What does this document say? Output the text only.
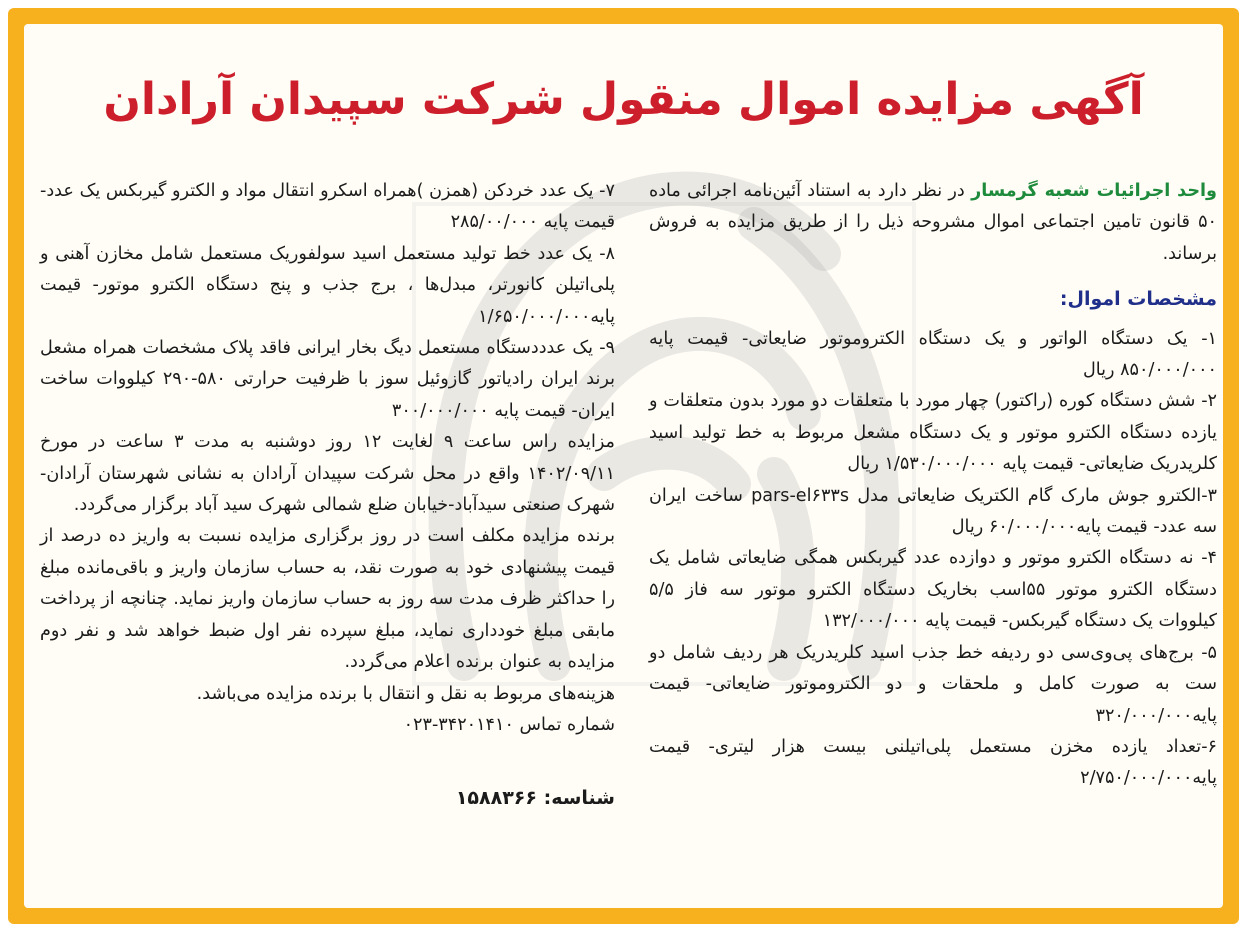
آگهی مزایده اموال منقول شرکت سپیدان آرادان

واحد اجرائیات شعبه گرمسار در نظر دارد به استناد آئین‌نامه اجرائی ماده ۵۰ قانون تامین اجتماعی اموال مشروحه ذیل را از طریق مزایده به فروش برساند.

مشخصات اموال:

۱- یک دستگاه الواتور و یک دستگاه الکتروموتور ضایعاتی- قیمت پایه ۸۵۰/۰۰۰/۰۰۰ ریال

۲- شش دستگاه کوره (راکتور) چهار مورد با متعلقات دو مورد بدون متعلقات و یازده دستگاه الکترو موتور و یک دستگاه مشعل مربوط به خط تولید اسید کلریدریک ضایعاتی- قیمت پایه ۱/۵۳۰/۰۰۰/۰۰۰ ریال

۳-الکترو جوش مارک گام الکتریک ضایعاتی مدل pars-el۶۳۳s ساخت ایران سه عدد- قیمت پایه۶۰/۰۰۰/۰۰۰ ریال

۴- نه دستگاه الکترو موتور و دوازده عدد گیربکس همگی ضایعاتی شامل یک دستگاه الکترو موتور ۵۵اسب بخاریک دستگاه الکترو موتور سه فاز ۵/۵ کیلووات یک دستگاه گیربکس- قیمت پایه ۱۳۲/۰۰۰/۰۰۰

۵- برج‌های پی‌وی‌سی دو ردیفه خط جذب اسید کلریدریک هر ردیف شامل دو ست به صورت کامل و ملحقات و دو الکتروموتور ضایعاتی- قیمت پایه۳۲۰/۰۰۰/۰۰۰

۶-تعداد یازده مخزن مستعمل پلی‌اتیلنی بیست هزار لیتری- قیمت پایه۲/۷۵۰/۰۰۰/۰۰۰

۷- یک عدد خردکن (همزن )همراه اسکرو انتقال مواد و الکترو گیربکس یک عدد- قیمت پایه ۲۸۵/۰۰/۰۰۰

۸- یک عدد خط تولید مستعمل اسید سولفوریک مستعمل شامل مخازن آهنی و پلی‌اتیلن کانورتر، مبدل‌ها ، برج جذب و پنج دستگاه الکترو موتور- قیمت پایه۱/۶۵۰/۰۰۰/۰۰۰

۹- یک عدددستگاه مستعمل دیگ بخار ایرانی فاقد پلاک مشخصات همراه مشعل برند ایران رادیاتور گازوئیل سوز با ظرفیت حرارتی ۵۸۰-۲۹۰ کیلووات ساخت ایران- قیمت پایه ۳۰۰/۰۰۰/۰۰۰

مزایده راس ساعت ۹ لغایت ۱۲ روز دوشنبه به مدت ۳ ساعت در مورخ ۱۴۰۲/۰۹/۱۱ واقع در محل شرکت سپیدان آرادان به نشانی شهرستان آرادان- شهرک صنعتی سیدآباد-خیابان ضلع شمالی شهرک سید آباد برگزار می‌گردد.

برنده مزایده مکلف است در روز برگزاری مزایده نسبت به واریز ده درصد از قیمت پیشنهادی خود به صورت نقد، به حساب سازمان واریز و باقی‌مانده مبلغ را حداکثر ظرف مدت سه روز به حساب سازمان واریز نماید. چنانچه از پرداخت مابقی مبلغ خودداری نماید، مبلغ سپرده نفر اول ضبط خواهد شد و نفر دوم مزایده به عنوان برنده اعلام می‌گردد.

هزینه‌های مربوط به نقل و انتقال با برنده مزایده می‌باشد.

شماره تماس ۳۴۲۰۱۴۱۰-۰۲۳

شناسه: ۱۵۸۸۳۶۶
